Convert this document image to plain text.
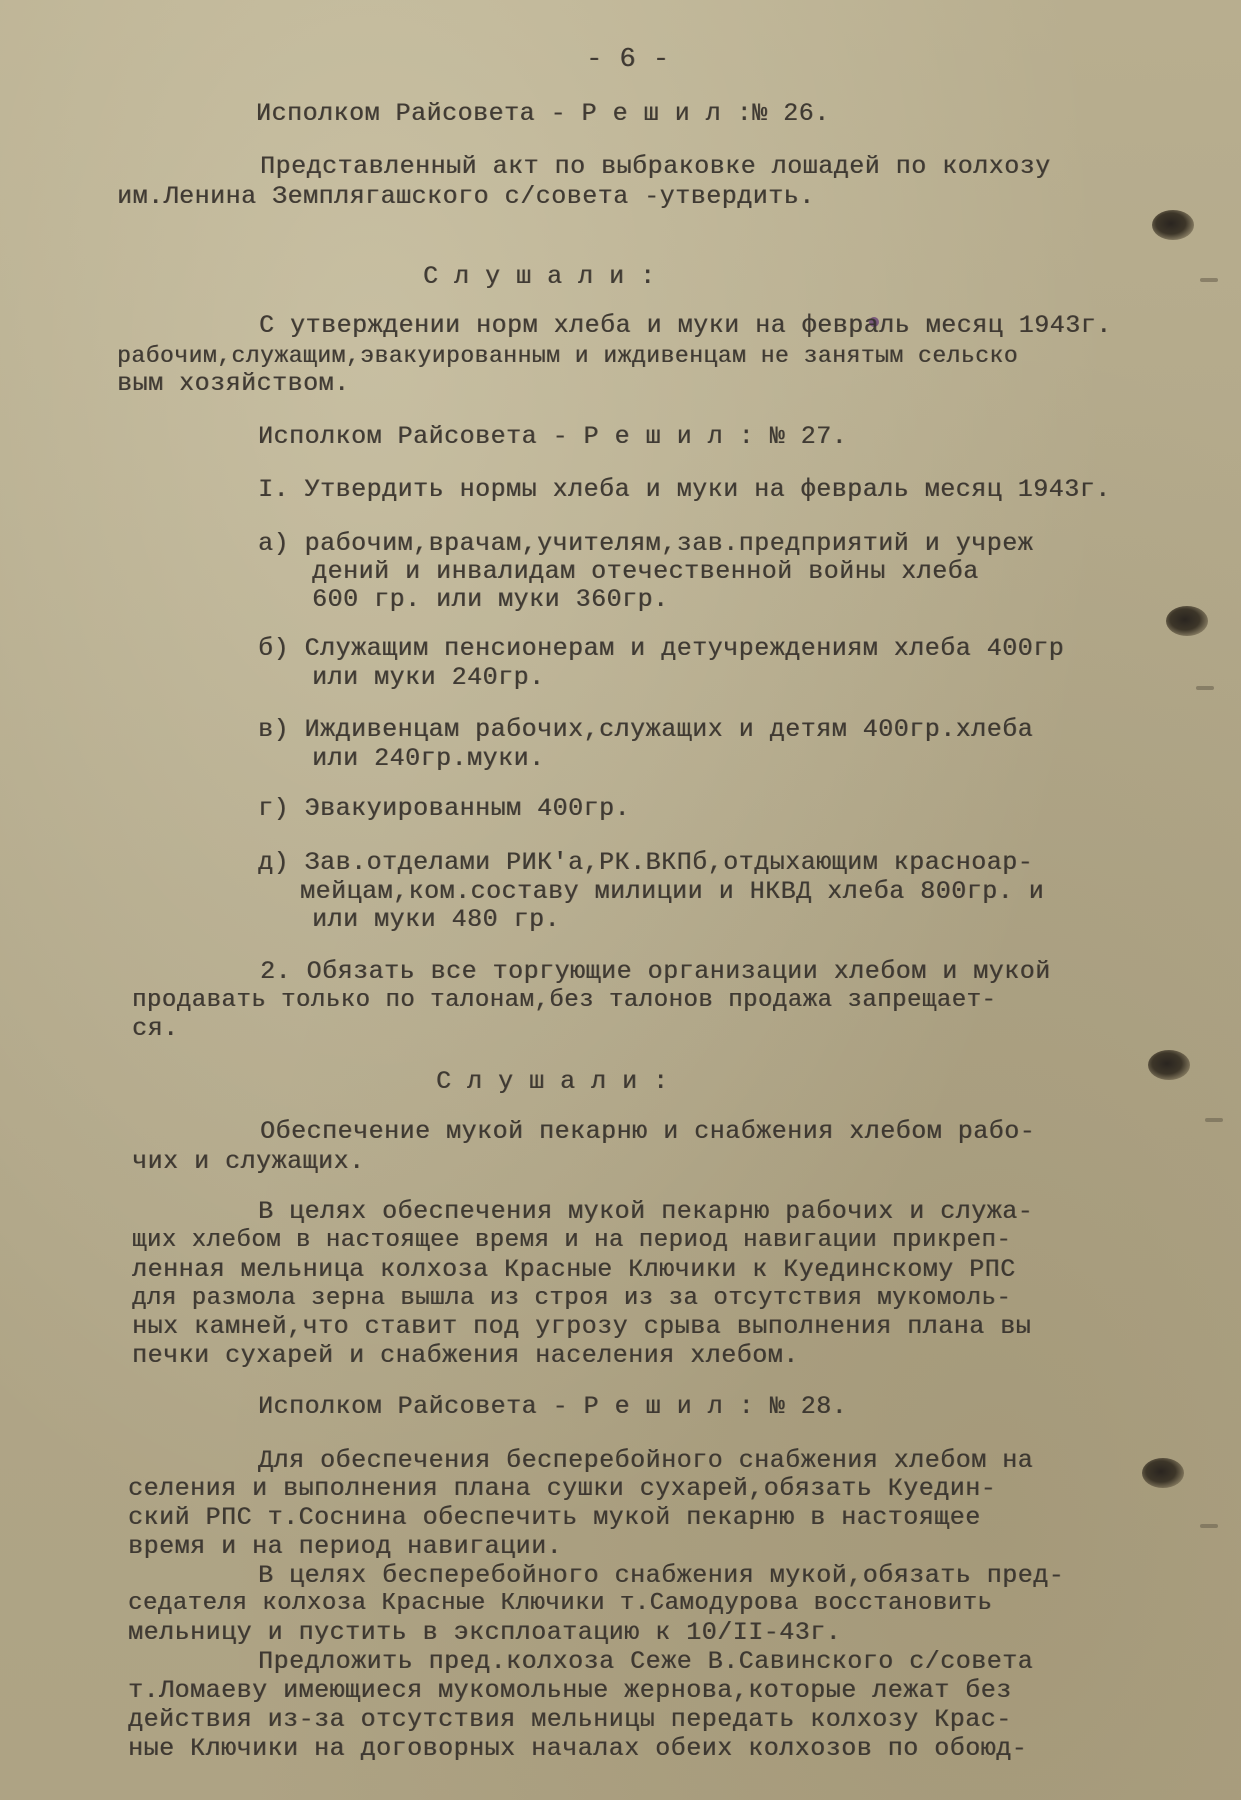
- 6 -
Исполком Райсовета - Р е ш и л :№ 26.
Представленный акт по выбраковке лошадей по колхозу
им.Ленина Земплягашского с/совета -утвердить.
С л у ш а л и :
С утверждении норм хлеба и муки на февраль месяц 1943г.
рабочим,служащим,эвакуированным и иждивенцам не занятым сельско
вым хозяйством.
Исполком Райсовета - Р е ш и л : № 27.
I. Утвердить нормы хлеба и муки на февраль месяц 1943г.
а) рабочим,врачам,учителям,зав.предприятий и учреж
дений и инвалидам отечественной войны хлеба
600 гр. или муки 360гр.
б) Служащим пенсионерам и детучреждениям хлеба 400гр
или муки 240гр.
в) Иждивенцам рабочих,служащих и детям 400гр.хлеба
или 240гр.муки.
г) Эвакуированным 400гр.
д) Зав.отделами РИК'а,РК.ВКПб,отдыхающим красноар-
мейцам,ком.составу милиции и НКВД хлеба 800гр. и
или муки 480 гр.
2. Обязать все торгующие организации хлебом и мукой
продавать только по талонам,без талонов продажа запрещает-
ся.
С л у ш а л и :
Обеспечение мукой пекарню и снабжения хлебом рабо-
чих и служащих.
В целях обеспечения мукой пекарню рабочих и служа-
щих хлебом в настоящее время и на период навигации прикреп-
ленная мельница колхоза Красные Ключики к Куединскому РПС
для размола зерна вышла из строя из за отсутствия мукомоль-
ных камней,что ставит под угрозу срыва выполнения плана вы
печки сухарей и снабжения населения хлебом.
Исполком Райсовета - Р е ш и л : № 28.
Для обеспечения бесперебойного снабжения хлебом на
селения и выполнения плана сушки сухарей,обязать Куедин-
ский РПС т.Соснина обеспечить мукой пекарню в настоящее
время и на период навигации.
В целях бесперебойного снабжения мукой,обязать пред-
седателя колхоза Красные Ключики т.Самодурова восстановить
мельницу и пустить в эксплоатацию к 10/II-43г.
Предложить пред.колхоза Сеже В.Савинского с/совета
т.Ломаеву имеющиеся мукомольные жернова,которые лежат без
действия из-за отсутствия мельницы передать колхозу Крас-
ные Ключики на договорных началах обеих колхозов по обоюд-
